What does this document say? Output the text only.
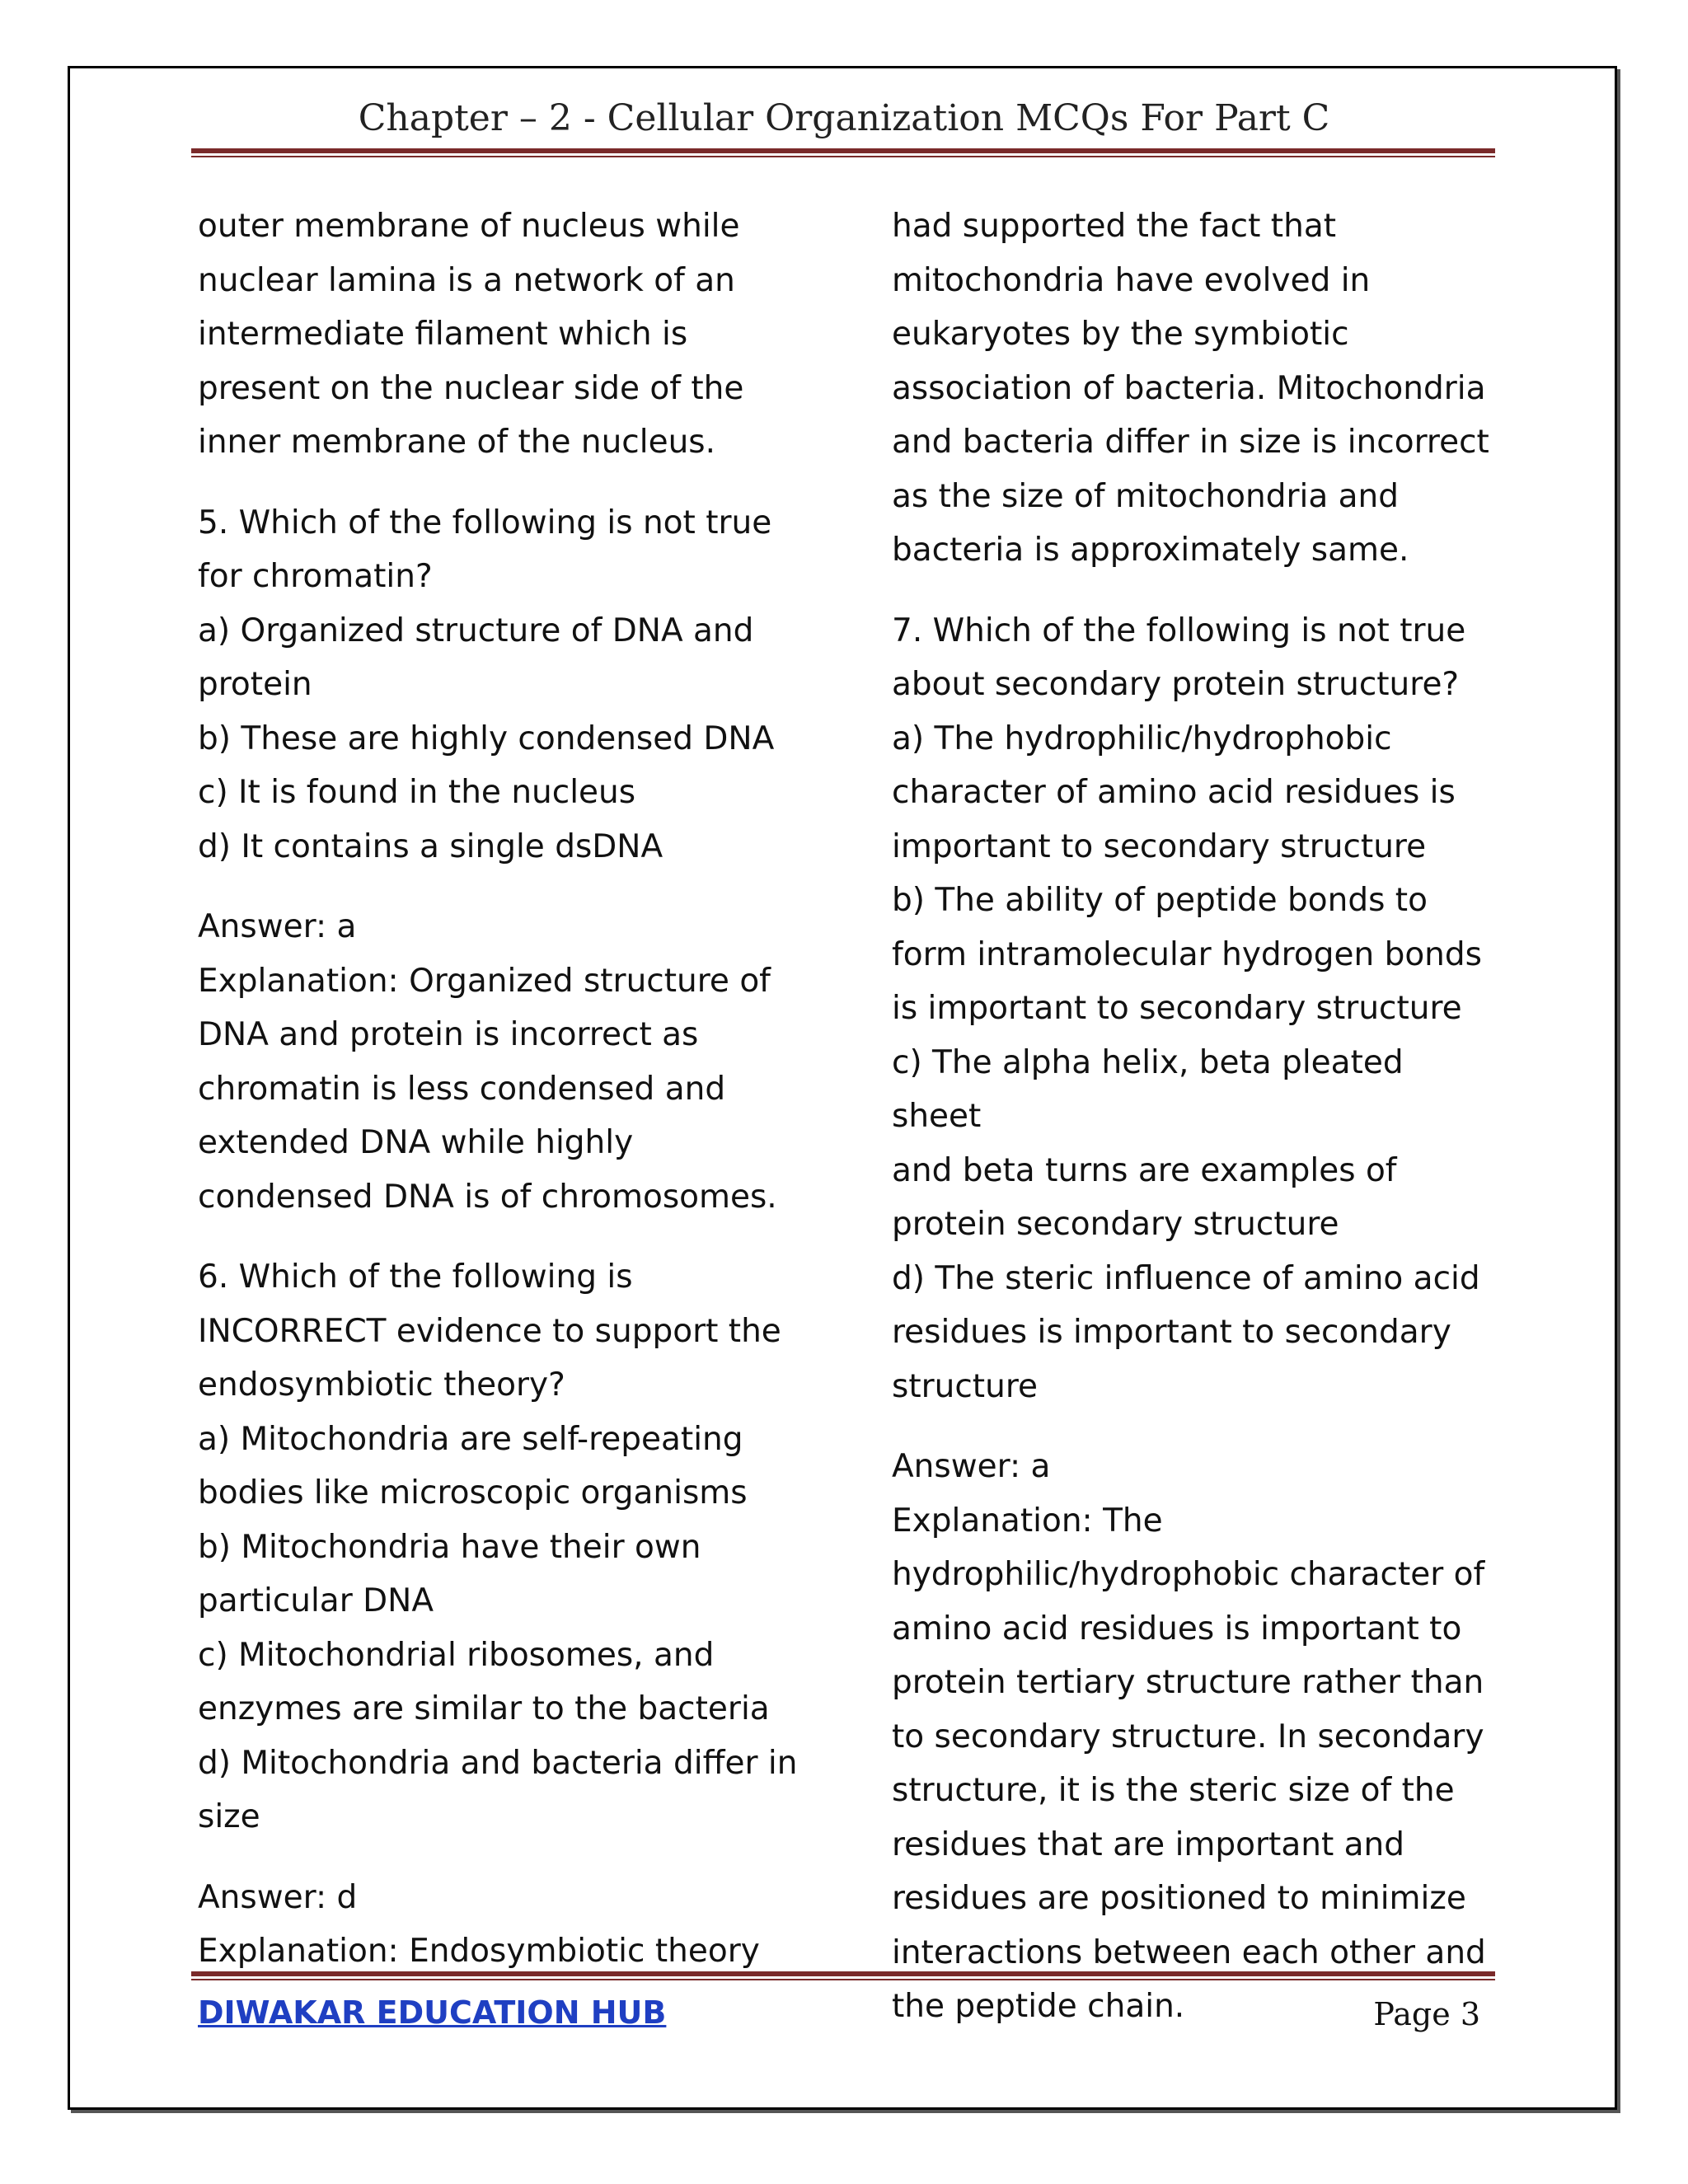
Chapter – 2 - Cellular Organization MCQs For Part C
outer membrane of nucleus while
nuclear lamina is a network of an
intermediate filament which is
present on the nuclear side of the
inner membrane of the nucleus.
5. Which of the following is not true
for chromatin?
a) Organized structure of DNA and
protein
b) These are highly condensed DNA
c) It is found in the nucleus
d) It contains a single dsDNA
Answer: a
Explanation: Organized structure of
DNA and protein is incorrect as
chromatin is less condensed and
extended DNA while highly
condensed DNA is of chromosomes.
6. Which of the following is
INCORRECT evidence to support the
endosymbiotic theory?
a) Mitochondria are self-repeating
bodies like microscopic organisms
b) Mitochondria have their own
particular DNA
c) Mitochondrial ribosomes, and
enzymes are similar to the bacteria
d) Mitochondria and bacteria differ in
size
Answer: d
Explanation: Endosymbiotic theory
had supported the fact that
mitochondria have evolved in
eukaryotes by the symbiotic
association of bacteria. Mitochondria
and bacteria differ in size is incorrect
as the size of mitochondria and
bacteria is approximately same.
7. Which of the following is not true
about secondary protein structure?
a) The hydrophilic/hydrophobic
character of amino acid residues is
important to secondary structure
b) The ability of peptide bonds to
form intramolecular hydrogen bonds
is important to secondary structure
c) The alpha helix, beta pleated sheet
and beta turns are examples of
protein secondary structure
d) The steric influence of amino acid
residues is important to secondary
structure
Answer: a
Explanation: The
hydrophilic/hydrophobic character of
amino acid residues is important to
protein tertiary structure rather than
to secondary structure. In secondary
structure, it is the steric size of the
residues that are important and
residues are positioned to minimize
interactions between each other and
the peptide chain.
DIWAKAR EDUCATION HUB	Page 3
